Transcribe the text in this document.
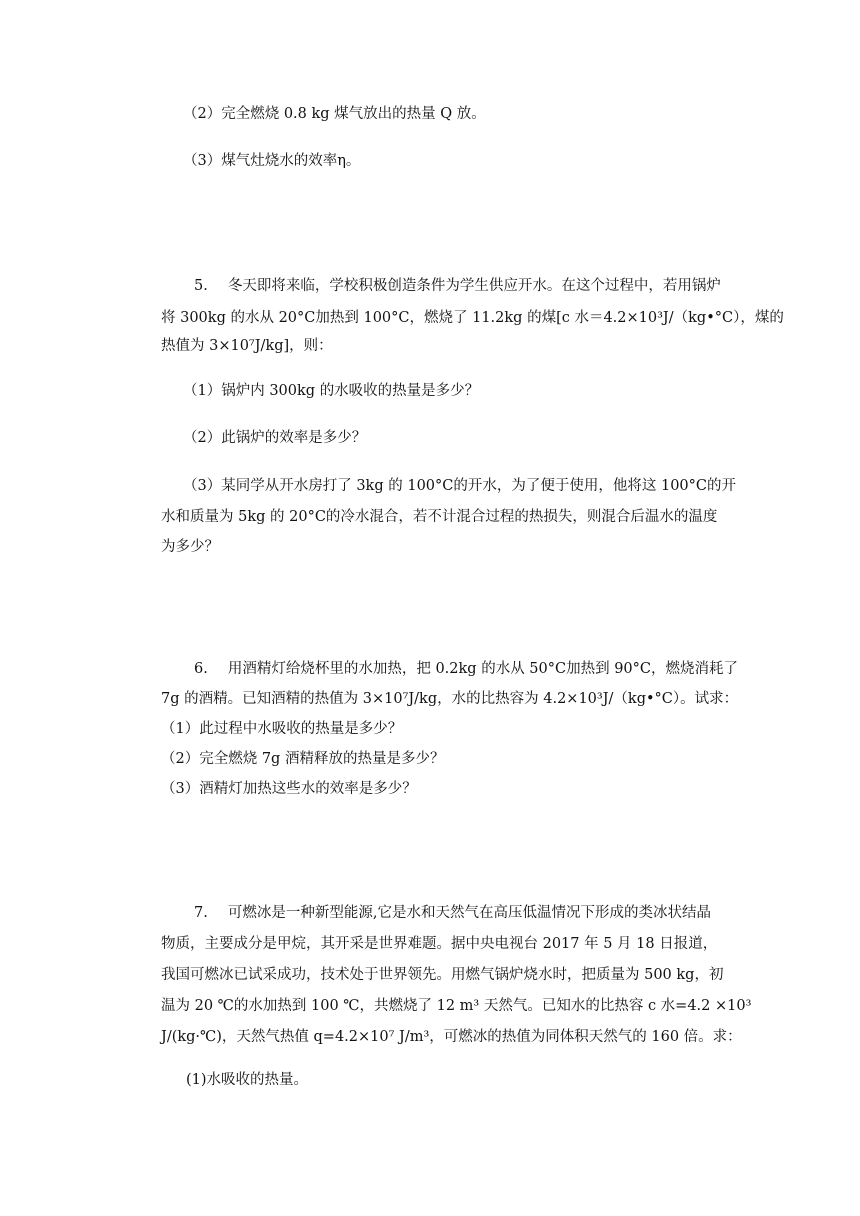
（2）完全燃烧 0.8 kg 煤气放出的热量 Q 放。
（3）煤气灶烧水的效率η。
5. 冬天即将来临，学校积极创造条件为学生供应开水。在这个过程中，若用锅炉
将 300kg 的水从 20°C加热到 100°C，燃烧了 11.2kg 的煤[c 水＝4.2×10³J/（kg•°C），煤的
热值为 3×10⁷J/kg]，则：
（1）锅炉内 300kg 的水吸收的热量是多少？
（2）此锅炉的效率是多少？
（3）某同学从开水房打了 3kg 的 100°C的开水，为了便于使用，他将这 100°C的开
水和质量为 5kg 的 20°C的冷水混合，若不计混合过程的热损失，则混合后温水的温度
为多少？
6. 用酒精灯给烧杯里的水加热，把 0.2kg 的水从 50°C加热到 90°C，燃烧消耗了
7g 的酒精。已知酒精的热值为 3×10⁷J/kg，水的比热容为 4.2×10³J/（kg•°C）。试求：
（1）此过程中水吸收的热量是多少？
（2）完全燃烧 7g 酒精释放的热量是多少？
（3）酒精灯加热这些水的效率是多少？
7. 可燃冰是一种新型能源,它是水和天然气在高压低温情况下形成的类冰状结晶
物质，主要成分是甲烷，其开采是世界难题。据中央电视台 2017 年 5 月 18 日报道，
我国可燃冰已试采成功，技术处于世界领先。用燃气锅炉烧水时，把质量为 500 kg，初
温为 20 ℃的水加热到 100 ℃，共燃烧了 12 m³ 天然气。已知水的比热容 c 水=4.2 ×10³
J/(kg·℃)，天然气热值 q=4.2×10⁷ J/m³，可燃冰的热值为同体积天然气的 160 倍。求：
(1)水吸收的热量。
